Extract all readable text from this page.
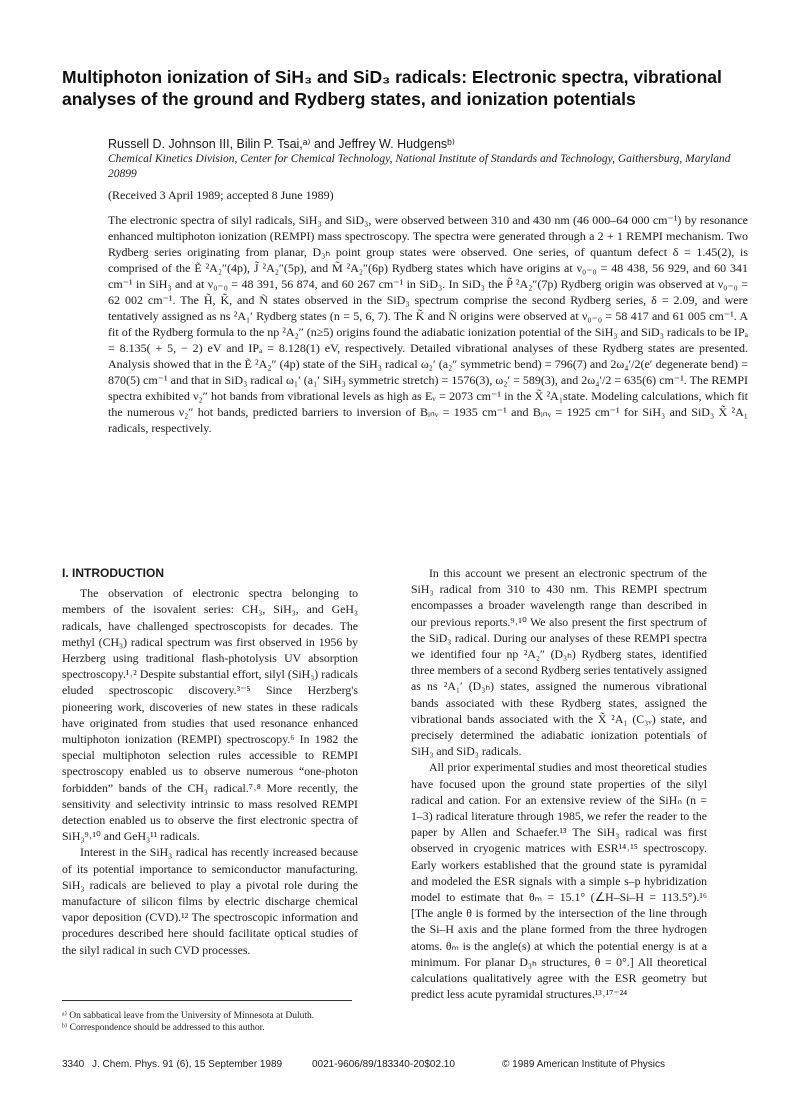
Multiphoton ionization of SiH₃ and SiD₃ radicals: Electronic spectra, vibrational analyses of the ground and Rydberg states, and ionization potentials
Russell D. Johnson III, Bilin P. Tsai,ᵃ⁾ and Jeffrey W. Hudgensᵇ⁾
Chemical Kinetics Division, Center for Chemical Technology, National Institute of Standards and Technology, Gaithersburg, Maryland 20899
(Received 3 April 1989; accepted 8 June 1989)

The electronic spectra of silyl radicals, SiH₃ and SiD₃, were observed between 310 and 430 nm (46 000–64 000 cm⁻¹) by resonance enhanced multiphoton ionization (REMPI) mass spectroscopy. The spectra were generated through a 2 + 1 REMPI mechanism. Two Rydberg series originating from planar, D₃ₕ point group states were observed. One series, of quantum defect δ = 1.45(2), is comprised of the Ẽ ²A₂″(4p), J̃ ²A₂″(5p), and M̃ ²A₂″(6p) Rydberg states which have origins at ν₀₋₀ = 48 438, 56 929, and 60 341 cm⁻¹ in SiH₃ and at ν₀₋₀ = 48 391, 56 874, and 60 267 cm⁻¹ in SiD₃. In SiD₃ the P̃ ²A₂″(7p) Rydberg origin was observed at ν₀₋₀ = 62 002 cm⁻¹. The H̃, K̃, and Ñ states observed in the SiD₃ spectrum comprise the second Rydberg series, δ = 2.09, and were tentatively assigned as ns ²A₁′ Rydberg states (n = 5, 6, 7). The K̃ and Ñ origins were observed at ν₀₋₀ = 58 417 and 61 005 cm⁻¹. A fit of the Rydberg formula to the np ²A₂″ (n≥5) origins found the adiabatic ionization potential of the SiH₃ and SiD₃ radicals to be IPₐ = 8.135( + 5, − 2) eV and IPₐ = 8.128(1) eV, respectively. Detailed vibrational analyses of these Rydberg states are presented. Analysis showed that in the Ẽ ²A₂″ (4p) state of the SiH₃ radical ω₂′ (a₂″ symmetric bend) = 796(7) and 2ω₄′/2(e′ degenerate bend) = 870(5) cm⁻¹ and that in SiD₃ radical ω₁′ (a₁′ SiH₃ symmetric stretch) = 1576(3), ω₂′ = 589(3), and 2ω₄′/2 = 635(6) cm⁻¹. The REMPI spectra exhibited ν₂″ hot bands from vibrational levels as high as Eᵥ = 2073 cm⁻¹ in the X̃ ²A₁state. Modeling calculations, which fit the numerous ν₂″ hot bands, predicted barriers to inversion of Bᵢₙᵥ = 1935 cm⁻¹ and Bᵢₙᵥ = 1925 cm⁻¹ for SiH₃ and SiD₃ X̃ ²A₁ radicals, respectively.

I. INTRODUCTION

The observation of electronic spectra belonging to members of the isovalent series: CH₃, SiH₃, and GeH₃ radicals, have challenged spectroscopists for decades. The methyl (CH₃) radical spectrum was first observed in 1956 by Herzberg using traditional flash-photolysis UV absorption spectroscopy.¹˒² Despite substantial effort, silyl (SiH₃) radicals eluded spectroscopic discovery.³⁻⁵ Since Herzberg's pioneering work, discoveries of new states in these radicals have originated from studies that used resonance enhanced multiphoton ionization (REMPI) spectroscopy.⁶ In 1982 the special multiphoton selection rules accessible to REMPI spectroscopy enabled us to observe numerous “one-photon forbidden” bands of the CH₃ radical.⁷˒⁸ More recently, the sensitivity and selectivity intrinsic to mass resolved REMPI detection enabled us to observe the first electronic spectra of SiH₃⁹˒¹⁰ and GeH₃¹¹ radicals.

Interest in the SiH₃ radical has recently increased because of its potential importance to semiconductor manufacturing. SiH₃ radicals are believed to play a pivotal role during the manufacture of silicon films by electric discharge chemical vapor deposition (CVD).¹² The spectroscopic information and procedures described here should facilitate optical studies of the silyl radical in such CVD processes.

In this account we present an electronic spectrum of the SiH₃ radical from 310 to 430 nm. This REMPI spectrum encompasses a broader wavelength range than described in our previous reports.⁹˒¹⁰ We also present the first spectrum of the SiD₃ radical. During our analyses of these REMPI spectra we identified four np ²A₂″ (D₃ₕ) Rydberg states, identified three members of a second Rydberg series tentatively assigned as ns ²A₁′ (D₃ₕ) states, assigned the numerous vibrational bands associated with these Rydberg states, assigned the vibrational bands associated with the X̃ ²A₁ (C₃ᵥ) state, and precisely determined the adiabatic ionization potentials of SiH₃ and SiD₃ radicals.

All prior experimental studies and most theoretical studies have focused upon the ground state properties of the silyl radical and cation. For an extensive review of the SiHₙ (n = 1–3) radical literature through 1985, we refer the reader to the paper by Allen and Schaefer.¹³ The SiH₃ radical was first observed in cryogenic matrices with ESR¹⁴˒¹⁵ spectroscopy. Early workers established that the ground state is pyramidal and modeled the ESR signals with a simple s–p hybridization model to estimate that θₘ = 15.1° (∠H–Si–H = 113.5°).¹⁶ [The angle θ is formed by the intersection of the line through the Si–H axis and the plane formed from the three hydrogen atoms. θₘ is the angle(s) at which the potential energy is at a minimum. For planar D₃ₕ structures, θ = 0°.] All theoretical calculations qualitatively agree with the ESR geometry but predict less acute pyramidal structures.¹³˒¹⁷⁻²⁴

ᵃ⁾ On sabbatical leave from the University of Minnesota at Duluth.
ᵇ⁾ Correspondence should be addressed to this author.
3340 J. Chem. Phys. 91 (6), 15 September 1989	0021-9606/89/183340-20$02.10	© 1989 American Institute of Physics
